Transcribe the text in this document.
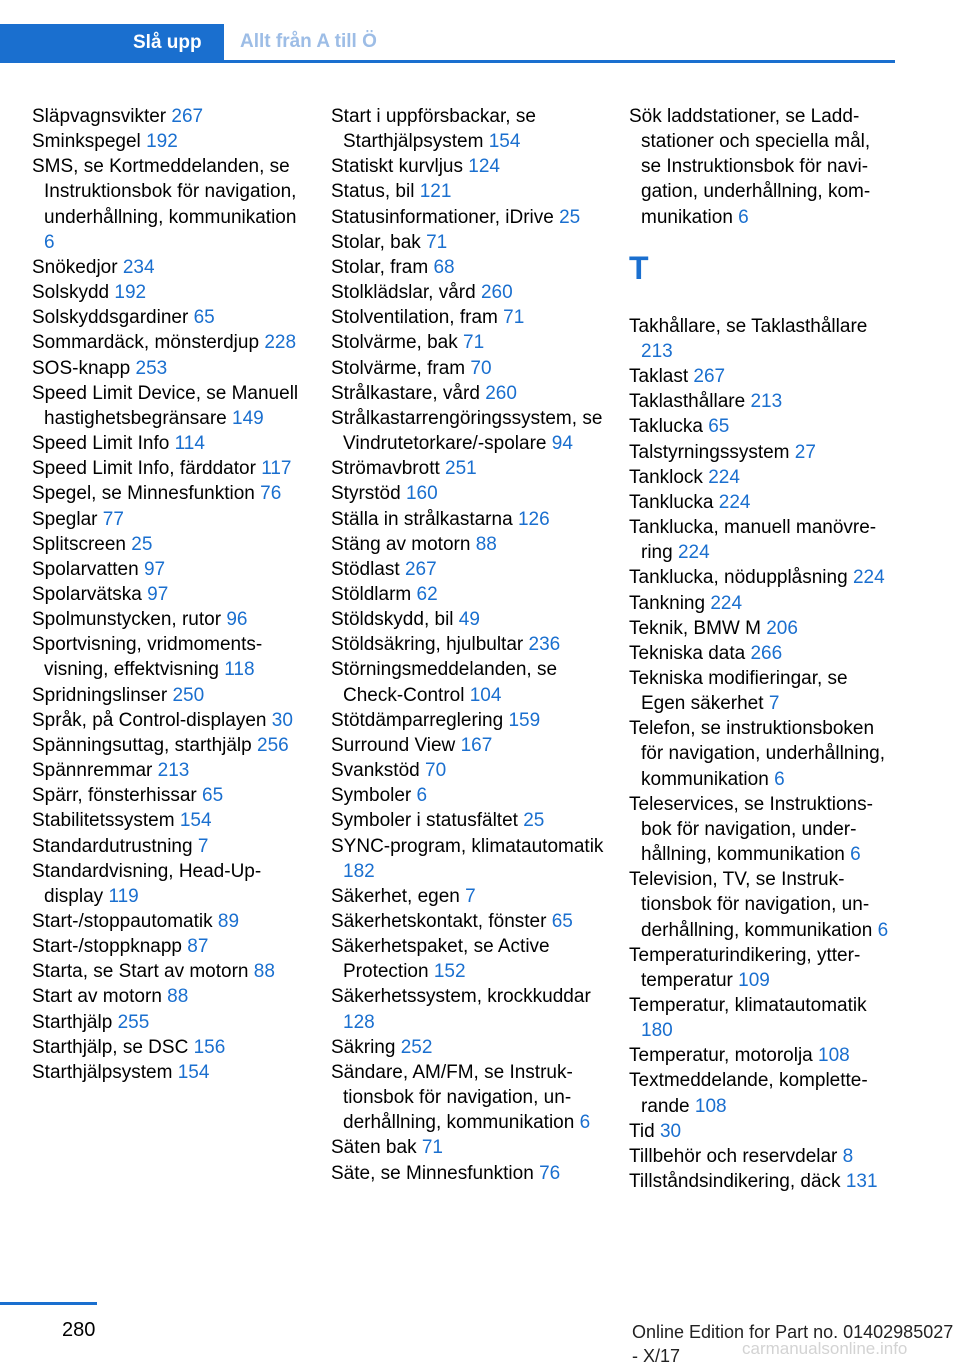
Slå upp	Allt från A till Ö
Släpvagnsvikter 267
Sminkspegel 192
SMS, se Kortmeddelanden, se Instruktionsbok för navigation, underhållning, kommunikation 6
Snökedjor 234
Solskydd 192
Solskyddsgardiner 65
Sommardäck, mönsterdjup 228
SOS-knapp 253
Speed Limit Device, se Manuell hastighetsbegränsare 149
Speed Limit Info 114
Speed Limit Info, färddator 117
Spegel, se Minnesfunktion 76
Speglar 77
Splitscreen 25
Spolarvatten 97
Spolarvätska 97
Spolmunstycken, rutor 96
Sportvisning, vridmomentsvisning, effektvisning 118
Spridningslinser 250
Språk, på Control-displayen 30
Spänningsuttag, starthjälp 256
Spännremmar 213
Spärr, fönsterhissar 65
Stabilitetssystem 154
Standardutrustning 7
Standardvisning, Head-Up-display 119
Start-/stoppautomatik 89
Start-/stoppknapp 87
Starta, se Start av motorn 88
Start av motorn 88
Starthjälp 255
Starthjälp, se DSC 156
Starthjälpsystem 154
Start i uppförsbackar, se Starthjälpsystem 154
Statiskt kurvljus 124
Status, bil 121
Statusinformationer, iDrive 25
Stolar, bak 71
Stolar, fram 68
Stolklädslar, vård 260
Stolventilation, fram 71
Stolvärme, bak 71
Stolvärme, fram 70
Strålkastare, vård 260
Strålkastarrengöringssystem, se Vindrutetorkare/-spolare 94
Strömavbrott 251
Styrstöd 160
Ställa in strålkastarna 126
Stäng av motorn 88
Stödlast 267
Stöldlarm 62
Stöldskydd, bil 49
Stöldsäkring, hjulbultar 236
Störningsmeddelanden, se Check-Control 104
Stötdämparreglering 159
Surround View 167
Svankstöd 70
Symboler 6
Symboler i statusfältet 25
SYNC-program, klimatautomatik 182
Säkerhet, egen 7
Säkerhetskontakt, fönster 65
Säkerhetspaket, se Active Protection 152
Säkerhetssystem, krockkuddar 128
Säkring 252
Sändare, AM/FM, se Instruktionsbok för navigation, underhållning, kommunikation 6
Säten bak 71
Säte, se Minnesfunktion 76
Sök laddstationer, se Laddstationer och speciella mål, se Instruktionsbok för navigation, underhållning, kommunikation 6
T
Takhållare, se Taklasthållare 213
Taklast 267
Taklasthållare 213
Taklucka 65
Talstyrningssystem 27
Tanklock 224
Tanklucka 224
Tanklucka, manuell manövrering 224
Tanklucka, nödupplåsning 224
Tankning 224
Teknik, BMW M 206
Tekniska data 266
Tekniska modifieringar, se Egen säkerhet 7
Telefon, se instruktionsboken för navigation, underhållning, kommunikation 6
Teleservices, se Instruktionsbok för navigation, underhållning, kommunikation 6
Television, TV, se Instruktionsbok för navigation, underhållning, kommunikation 6
Temperaturindikering, yttertemperatur 109
Temperatur, klimatautomatik 180
Temperatur, motorolja 108
Textmeddelande, kompletterande 108
Tid 30
Tillbehör och reservdelar 8
Tillståndsindikering, däck 131
280	Online Edition for Part no. 01402985027 - X/17	carmanualsonline.info
